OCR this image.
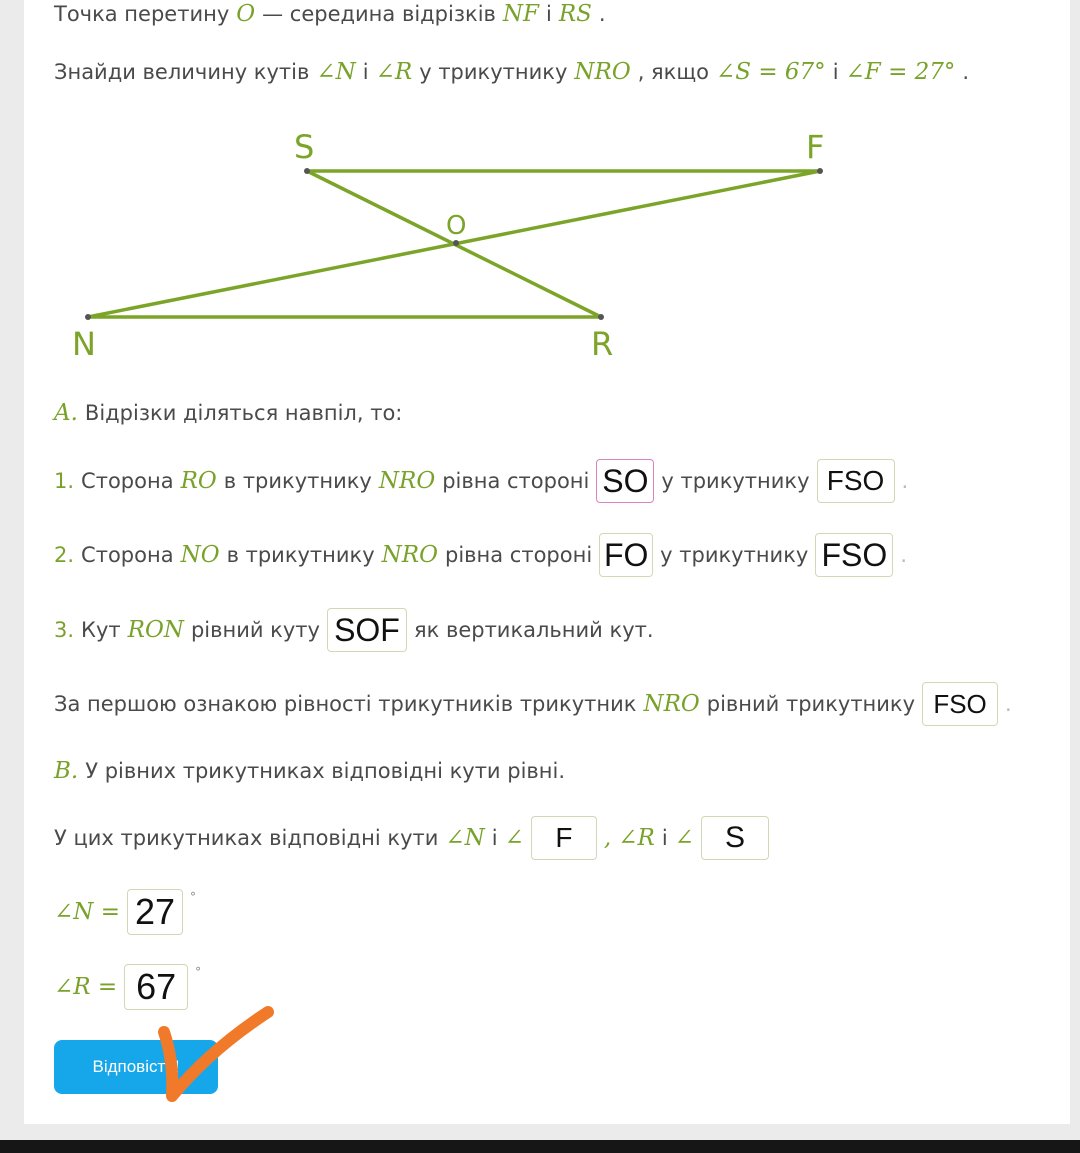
Точка перетину O — середина відрізків NF і RS .
Знайди величину кутів ∠N і ∠R у трикутнику NRO , якщо ∠S = 67° і ∠F = 27° .
S	F
O
N	R
A. Відрізки діляться навпіл, то:
1. Сторона RO в трикутнику NRO рівна стороні SO у трикутнику FSO .
2. Сторона NO в трикутнику NRO рівна стороні FO у трикутнику FSO .
3. Кут RON рівний куту SOF як вертикальний кут.
За першою ознакою рівності трикутників трикутник NRO рівний трикутнику FSO .
B. У рівних трикутниках відповідні кути рівні.
У цих трикутниках відповідні кути ∠N і ∠	F	, ∠R і ∠	S
∠N = 27	°
∠R = 67	°
Відповісти!
